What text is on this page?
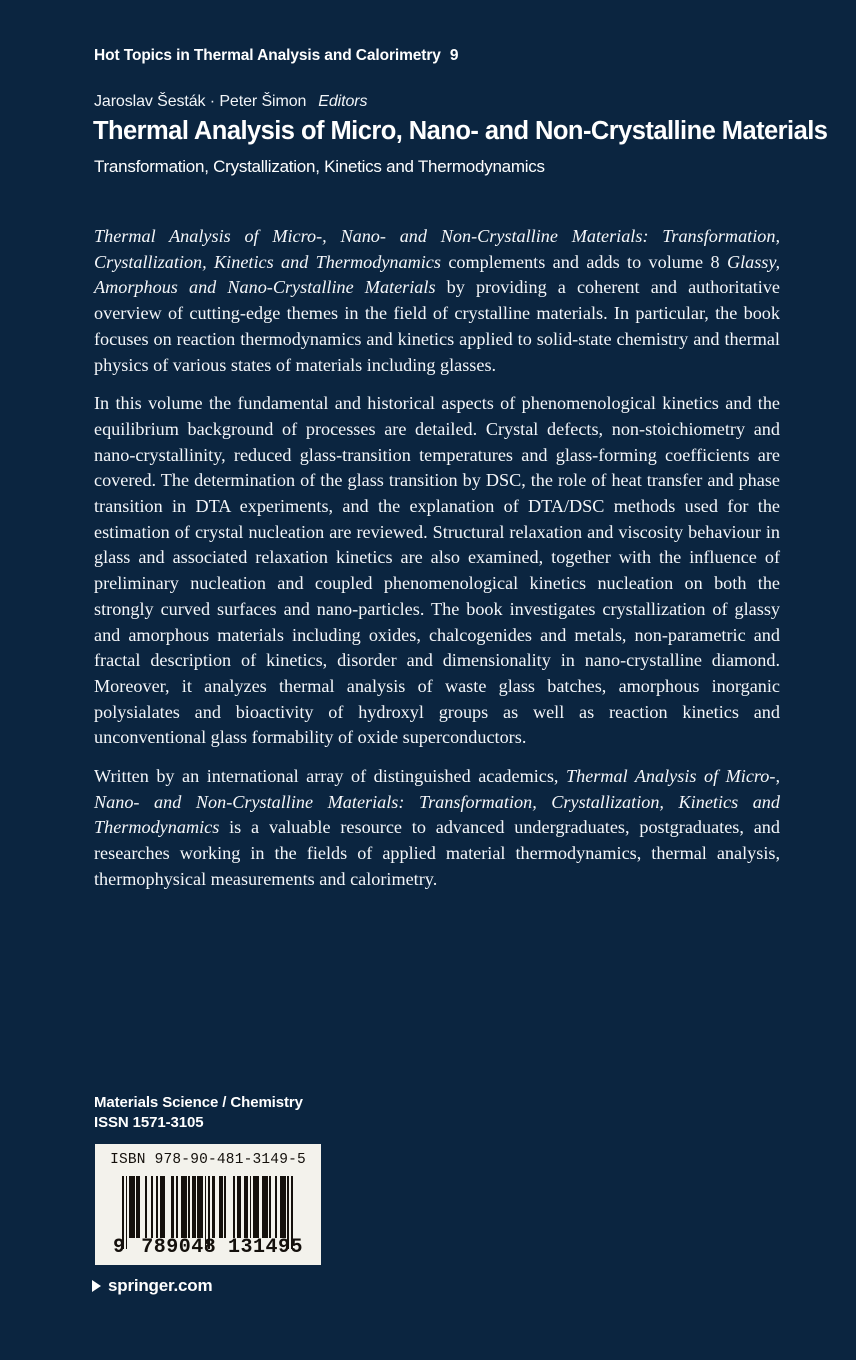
Hot Topics in Thermal Analysis and Calorimetry 9
Jaroslav Šesták · Peter Šimon Editors
Thermal Analysis of Micro, Nano- and Non-Crystalline Materials
Transformation, Crystallization, Kinetics and Thermodynamics

Thermal Analysis of Micro-, Nano- and Non-Crystalline Materials: Transformation, Crystallization, Kinetics and Thermodynamics complements and adds to volume 8 Glassy, Amorphous and Nano-Crystalline Materials by providing a coherent and authoritative overview of cutting-edge themes in the field of crystalline materials. In particular, the book focuses on reaction thermodynamics and kinetics applied to solid-state chemistry and thermal physics of various states of materials including glasses.

In this volume the fundamental and historical aspects of phenomenological kinetics and the equilibrium background of processes are detailed. Crystal defects, non-stoichiometry and nano-crystallinity, reduced glass-transition temperatures and glass-forming coefficients are covered. The determination of the glass transition by DSC, the role of heat transfer and phase transition in DTA experiments, and the explanation of DTA/DSC methods used for the estimation of crystal nucleation are reviewed. Structural relaxation and viscosity behaviour in glass and associated relaxation kinetics are also examined, together with the influence of preliminary nucleation and coupled phenomenological kinetics nucleation on both the strongly curved surfaces and nano-particles. The book investigates crystallization of glassy and amorphous materials including oxides, chalcogenides and metals, non-parametric and fractal description of kinetics, disorder and dimensionality in nano-crystalline diamond. Moreover, it analyzes thermal analysis of waste glass batches, amorphous inorganic polysialates and bioactivity of hydroxyl groups as well as reaction kinetics and unconventional glass formability of oxide superconductors.

Written by an international array of distinguished academics, Thermal Analysis of Micro-, Nano- and Non-Crystalline Materials: Transformation, Crystallization, Kinetics and Thermodynamics is a valuable resource to advanced undergraduates, postgraduates, and researches working in the fields of applied material thermodynamics, thermal analysis, thermophysical measurements and calorimetry.

Materials Science / Chemistry
ISSN 1571-3105
ISBN 978-90-481-3149-5
9 789048 131495
springer.com
